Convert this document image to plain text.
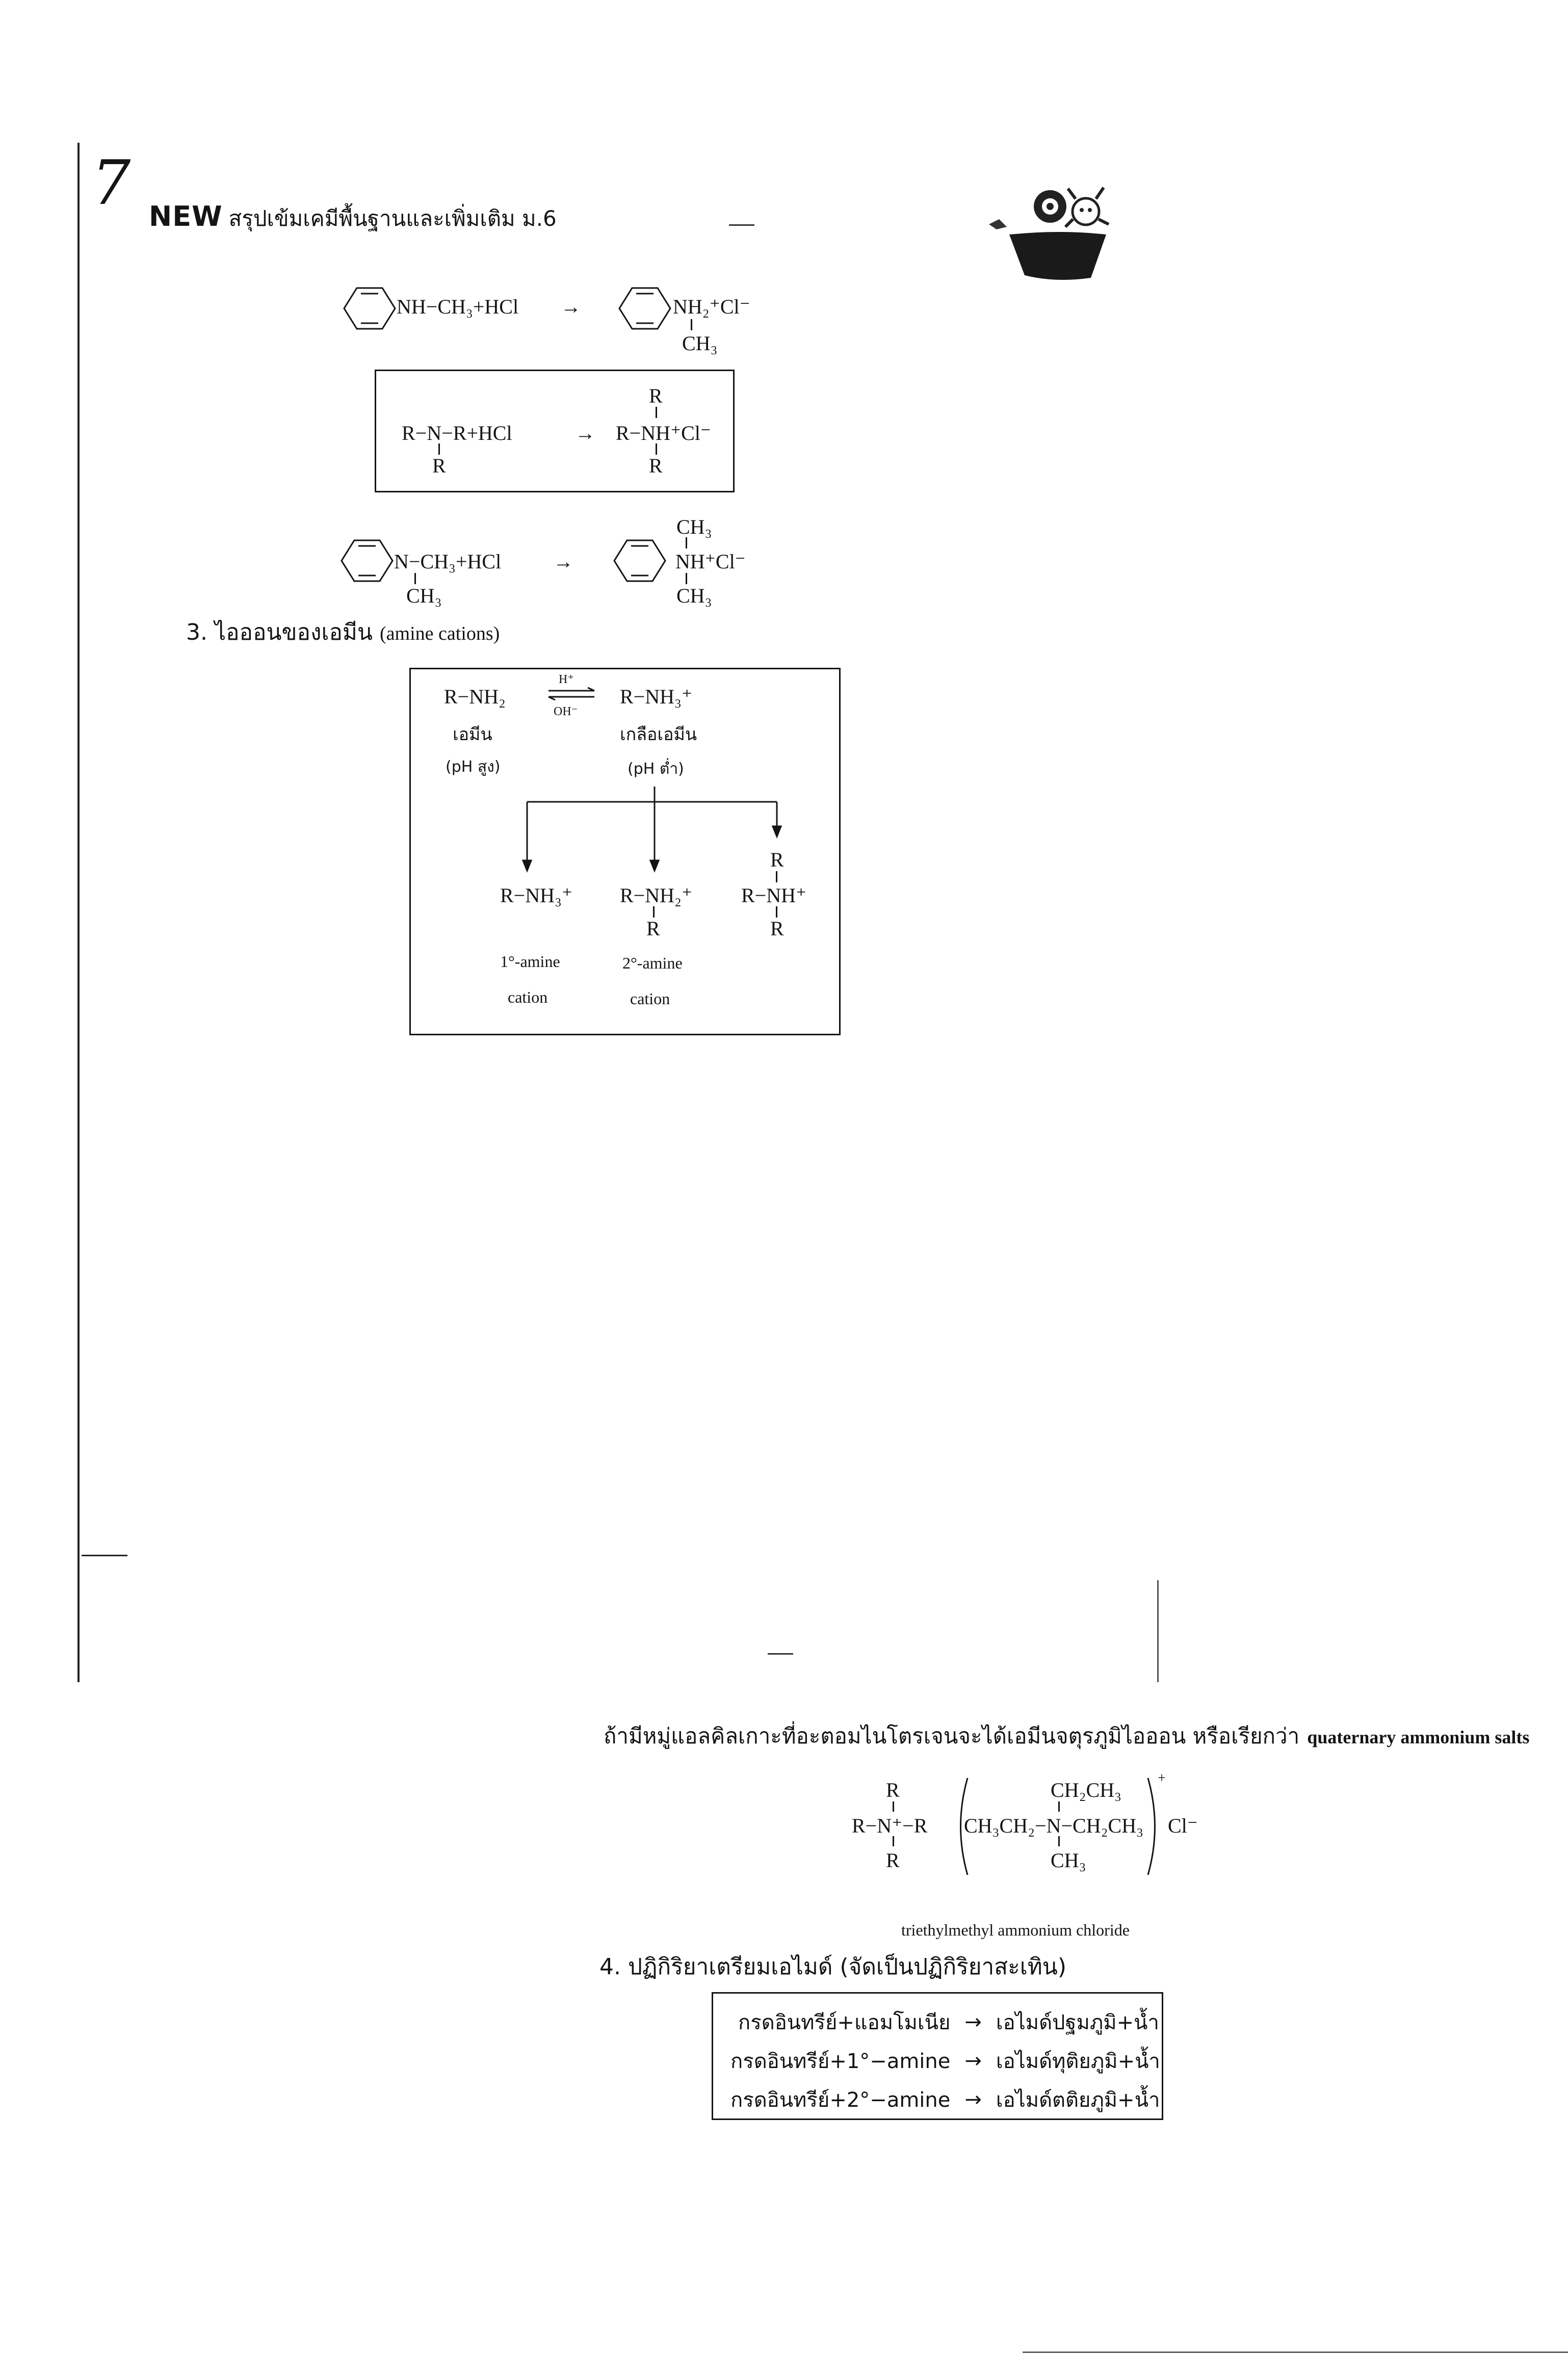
7 NEW สรุปเข้มเคมีพื้นฐานและเพิ่มเติม ม.6
NH−CH₃+HCl →	NH₂⁺Cl⁻
CH₃
R−N−R+HCl
R
→
R
R−NH⁺Cl⁻
R
N−CH₃+HCl
CH₃
→
CH₃
NH⁺Cl⁻
CH₃
3. ไอออนของเอมีน (amine cations)
R−NH₂
H⁺
OH⁻
R−NH₃⁺
เอมีน	เกลือเอมีน
(pH สูง)	(pH ต่ำ)
R−NH₃⁺
1°-amine
cation
R−NH₂⁺
R
2°-amine
cation
R
R−NH⁺
R
ถ้ามีหมู่แอลคิลเกาะที่อะตอมไนโตรเจนจะได้เอมีนจตุรภูมิไอออน หรือเรียกว่า quaternary ammonium salts
R
R−N⁺−R
R
CH₂CH₃
CH₃CH₂−N−CH₂CH₃
CH₃
+
Cl⁻
triethylmethyl ammonium chloride
4. ปฏิกิริยาเตรียมเอไมด์ (จัดเป็นปฏิกิริยาสะเทิน)
กรดอินทรีย์+แอมโมเนีย	→	เอไมด์ปฐมภูมิ+น้ำ
กรดอินทรีย์+1°−amine	→	เอไมด์ทุติยภูมิ+น้ำ
กรดอินทรีย์+2°−amine	→	เอไมด์ตติยภูมิ+น้ำ
